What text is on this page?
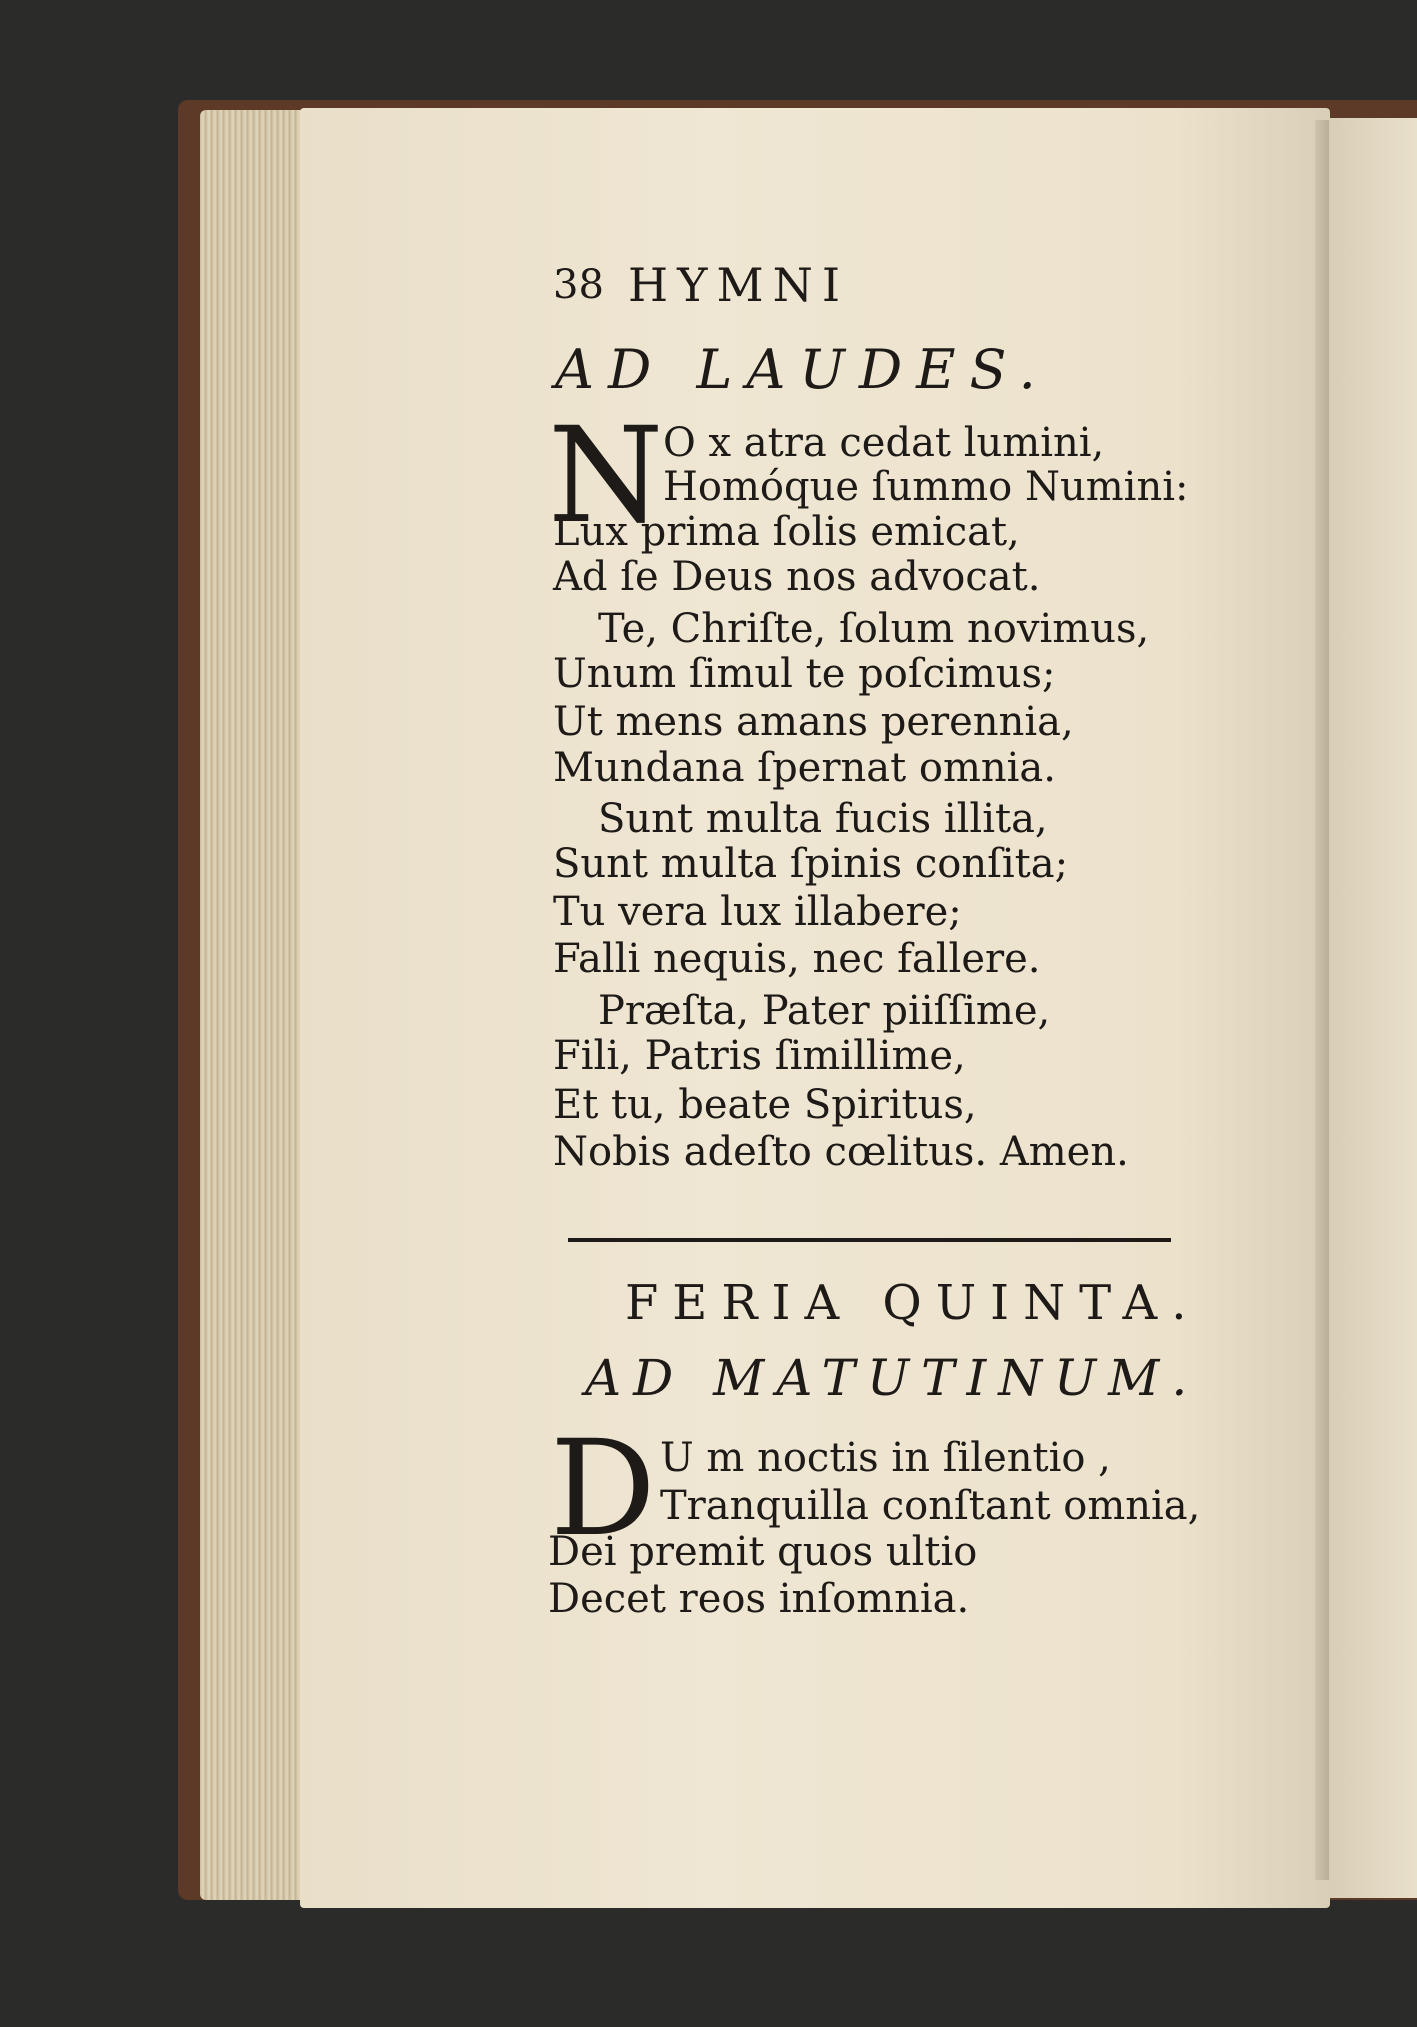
38 HYMNI
AD LAUDES.
N O x atra cedat lumini,
Homóque ſummo Numini:
Lux prima ſolis emicat,
Ad ſe Deus nos advocat.
Te, Chriſte, ſolum novimus,
Unum ſimul te poſcimus;
Ut mens amans perennia,
Mundana ſpernat omnia.
Sunt multa fucis illita,
Sunt multa ſpinis conſita;
Tu vera lux illabere;
Falli nequis, nec fallere.
Præſta, Pater piiſſime,
Fili, Patris ſimillime,
Et tu, beate Spiritus,
Nobis adeſto cœlitus. Amen.
FERIA QUINTA.
AD MATUTINUM.
D U m noctis in ſilentio ,
Tranquilla conſtant omnia,
Dei premit quos ultio
Decet reos inſomnia.
